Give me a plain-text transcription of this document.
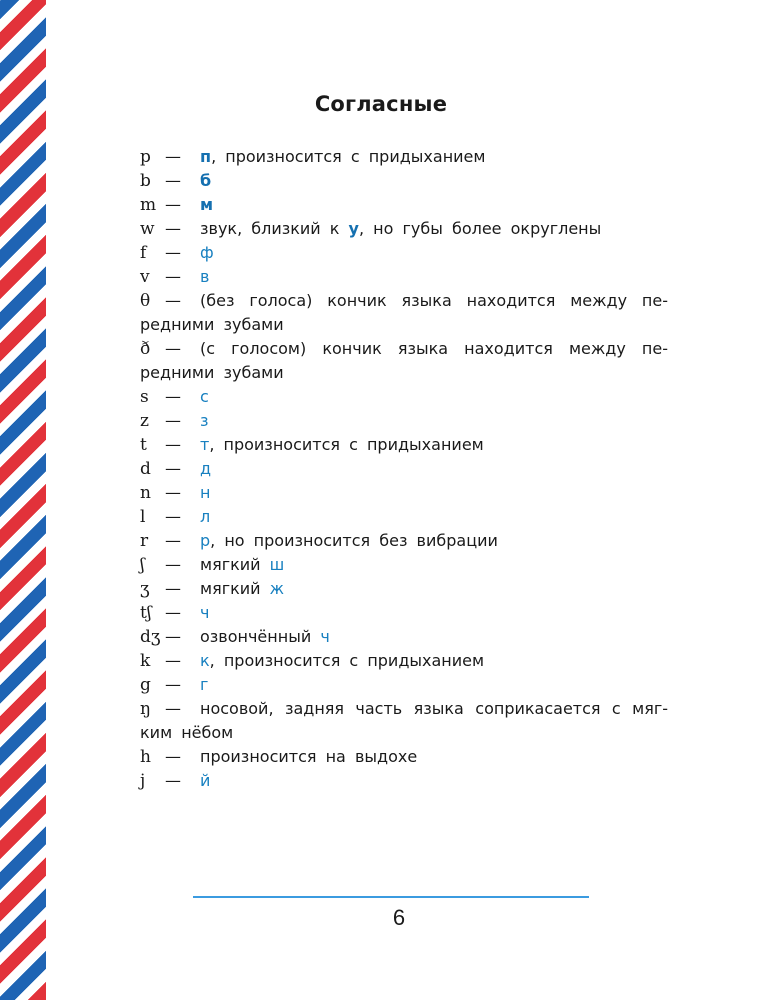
Согласные
p —	п, произносится с придыханием
b —	б
m —	м
w —	звук, близкий к у, но губы более округлены
f	—	ф
v —	в
θ —	(без голоса) кончик языка находится между пе-
редними зубами
ð —	(с голосом) кончик языка находится между пе-
редними зубами
s	—	с
z	—	з
t	—	т, произносится с придыханием
d —	д
n —	н
l	—	л
r	—	р, но произносится без вибрации
ʃ	—	мягкий ш
ʒ —	мягкий ж
tʃ —	ч
dʒ —	озвончённый ч
k —	к, произносится с придыханием
g —	г
ŋ —	носовой, задняя часть языка соприкасается с мяг-
ким нёбом
h —	произносится на выдохе
j	—	й
6
